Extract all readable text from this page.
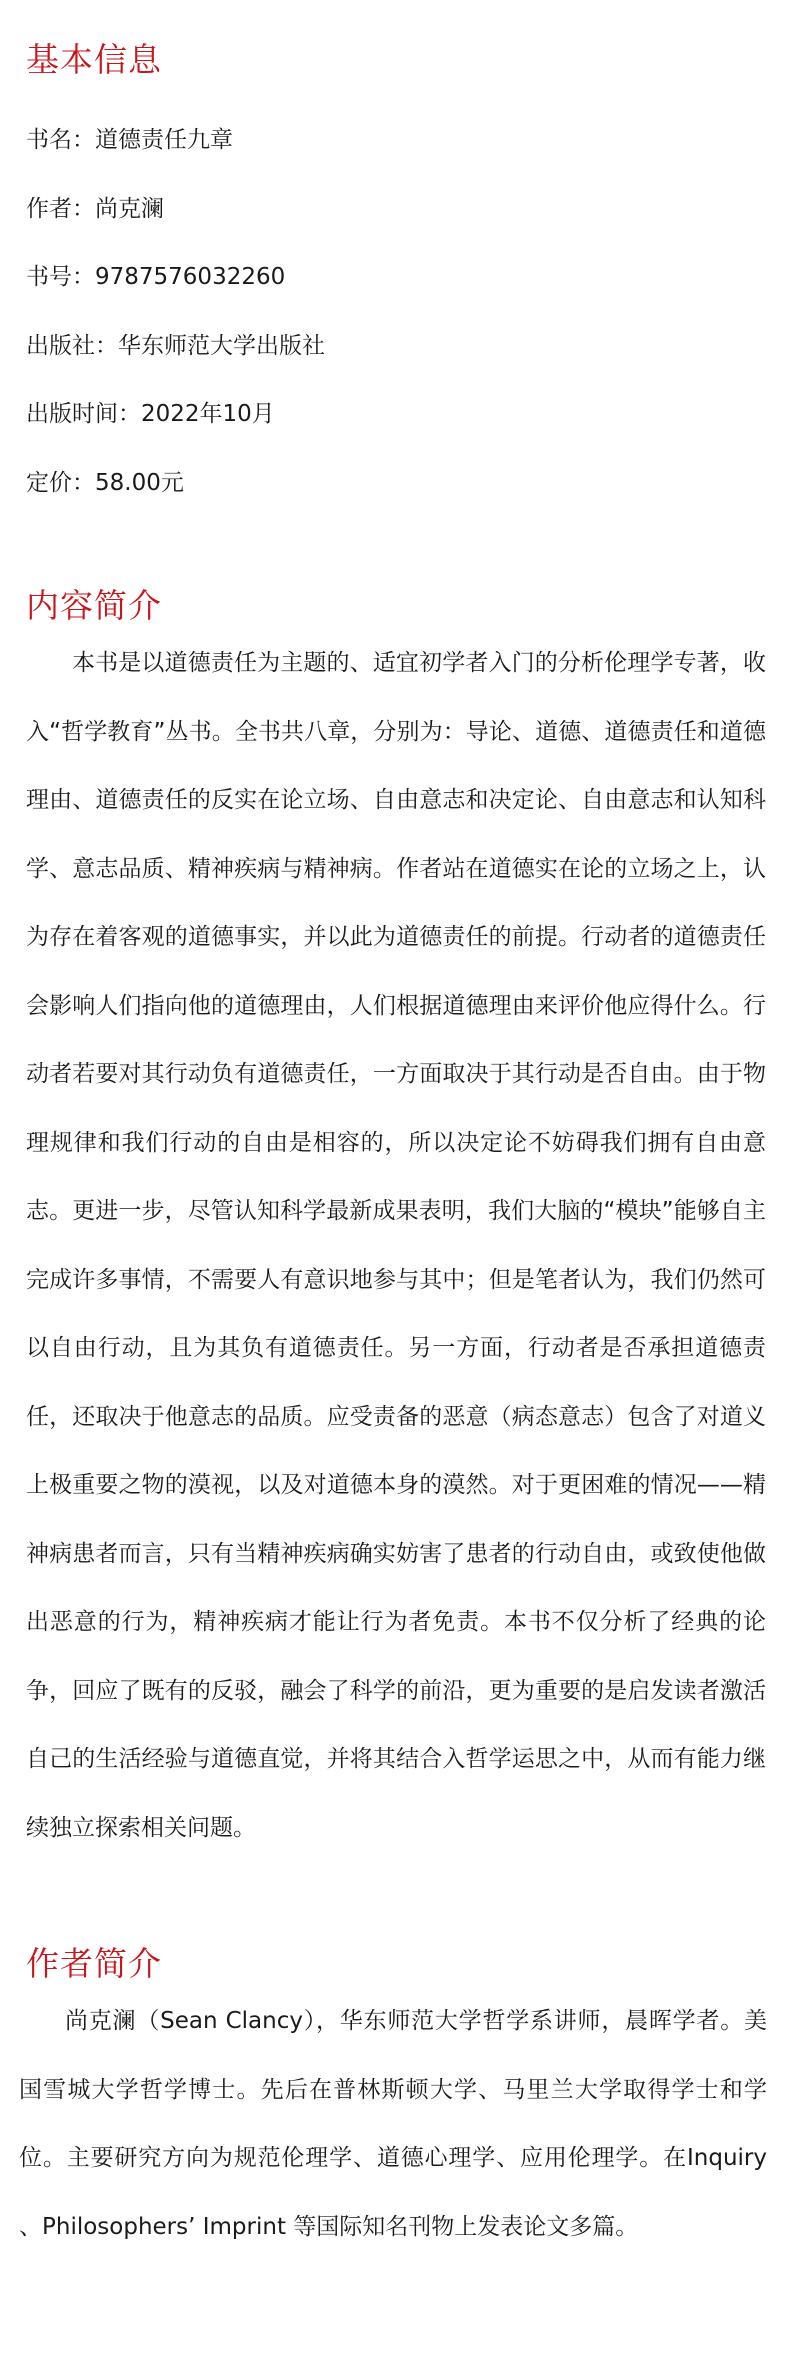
基本信息
书名：道德责任九章
作者：尚克澜
书号：9787576032260
出版社：华东师范大学出版社
出版时间：2022年10月
定价：58.00元
内容简介

本书是以道德责任为主题的、适宜初学者入门的分析伦理学专著，收入“哲学教育”丛书。全书共八章，分别为：导论、道德、道德责任和道德理由、道德责任的反实在论立场、自由意志和决定论、自由意志和认知科学、意志品质、精神疾病与精神病。作者站在道德实在论的立场之上，认为存在着客观的道德事实，并以此为道德责任的前提。行动者的道德责任会影响人们指向他的道德理由，人们根据道德理由来评价他应得什么。行动者若要对其行动负有道德责任，一方面取决于其行动是否自由。由于物理规律和我们行动的自由是相容的，所以决定论不妨碍我们拥有自由意志。更进一步，尽管认知科学最新成果表明，我们大脑的“模块”能够自主完成许多事情，不需要人有意识地参与其中；但是笔者认为，我们仍然可以自由行动，且为其负有道德责任。另一方面，行动者是否承担道德责任，还取决于他意志的品质。应受责备的恶意（病态意志）包含了对道义上极重要之物的漠视，以及对道德本身的漠然。对于更困难的情况——精神病患者而言，只有当精神疾病确实妨害了患者的行动自由，或致使他做出恶意的行为，精神疾病才能让行为者免责。本书不仅分析了经典的论争，回应了既有的反驳，融会了科学的前沿，更为重要的是启发读者激活自己的生活经验与道德直觉，并将其结合入哲学运思之中，从而有能力继续独立探索相关问题。

作者简介

尚克澜（Sean Clancy），华东师范大学哲学系讲师，晨晖学者。美国雪城大学哲学博士。先后在普林斯顿大学、马里兰大学取得学士和学位。主要研究方向为规范伦理学、道德心理学、应用伦理学。在Inquiry 、Philosophers’ Imprint 等国际知名刊物上发表论文多篇。
